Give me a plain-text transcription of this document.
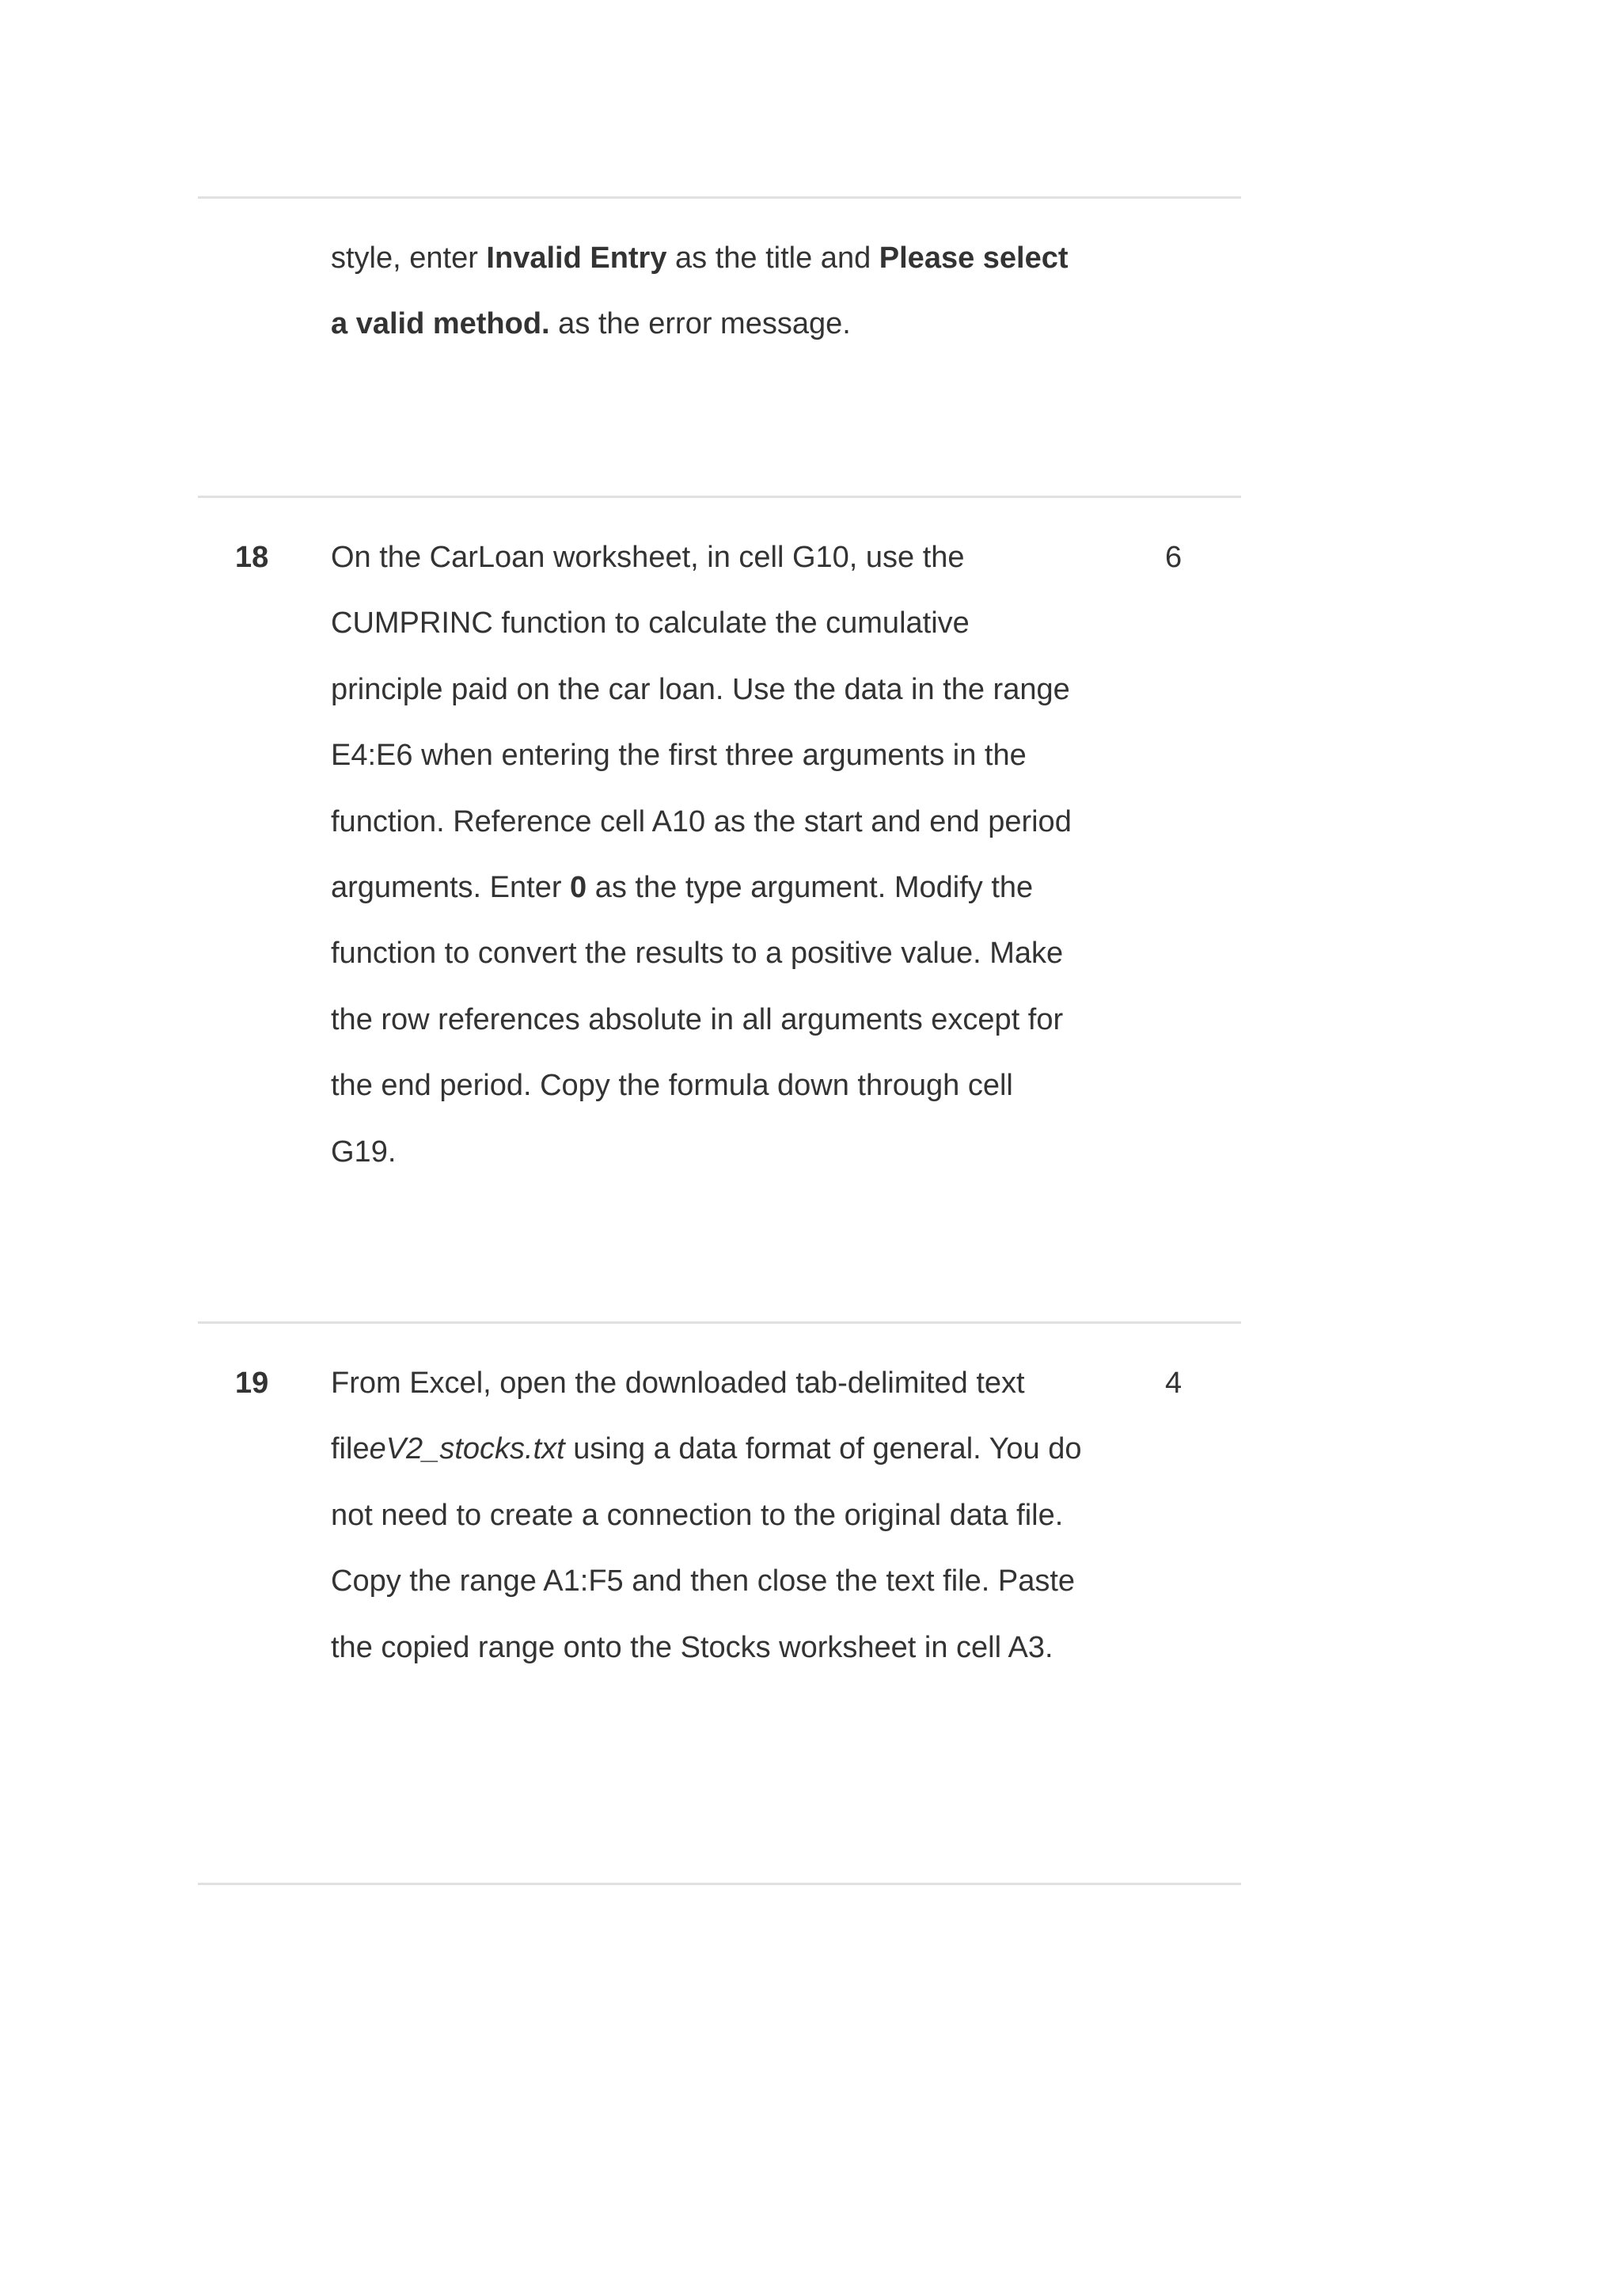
style, enter Invalid Entry as the title and Please select a valid method. as the error message.
18 On the CarLoan worksheet, in cell G10, use the CUMPRINC function to calculate the cumulative principle paid on the car loan. Use the data in the range E4:E6 when entering the first three arguments in the function. Reference cell A10 as the start and end period arguments. Enter 0 as the type argument. Modify the function to convert the results to a positive value. Make the row references absolute in all arguments except for the end period. Copy the formula down through cell G19.
6
19 From Excel, open the downloaded tab-delimited text fileeV2_stocks.txt using a data format of general. You do not need to create a connection to the original data file. Copy the range A1:F5 and then close the text file. Paste the copied range onto the Stocks worksheet in cell A3.
4
